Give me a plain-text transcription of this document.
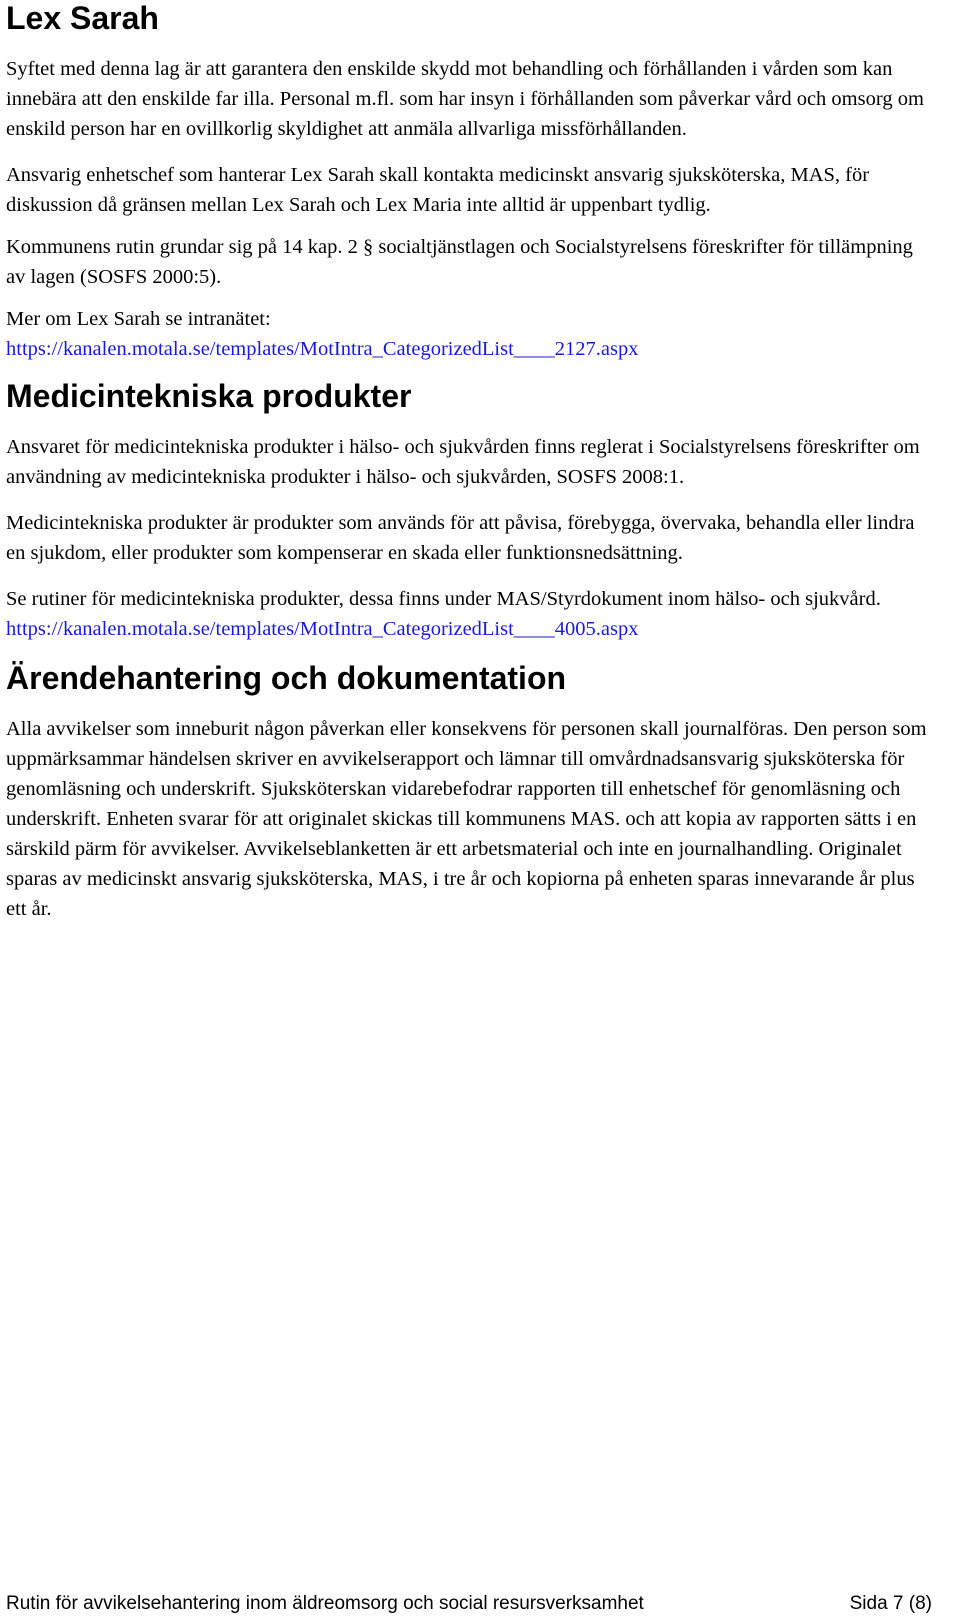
Lex Sarah

Syftet med denna lag är att garantera den enskilde skydd mot behandling och förhållanden i vården som kan innebära att den enskilde far illa. Personal m.fl. som har insyn i förhållanden som påverkar vård och omsorg om enskild person har en ovillkorlig skyldighet att anmäla allvarliga missförhållanden.

Ansvarig enhetschef som hanterar Lex Sarah skall kontakta medicinskt ansvarig sjuksköterska, MAS, för diskussion då gränsen mellan Lex Sarah och Lex Maria inte alltid är uppenbart tydlig.

Kommunens rutin grundar sig på 14 kap. 2 § socialtjänstlagen och Socialstyrelsens föreskrifter för tillämpning av lagen (SOSFS 2000:5).

Mer om Lex Sarah se intranätet:

https://kanalen.motala.se/templates/MotIntra_CategorizedList____2127.aspx

Medicintekniska produkter

Ansvaret för medicintekniska produkter i hälso- och sjukvården finns reglerat i Socialstyrelsens föreskrifter om användning av medicintekniska produkter i hälso- och sjukvården, SOSFS 2008:1.

Medicintekniska produkter är produkter som används för att påvisa, förebygga, övervaka, behandla eller lindra en sjukdom, eller produkter som kompenserar en skada eller funktionsnedsättning.

Se rutiner för medicintekniska produkter, dessa finns under MAS/Styrdokument inom hälso- och sjukvård.

https://kanalen.motala.se/templates/MotIntra_CategorizedList____4005.aspx

Ärendehantering och dokumentation

Alla avvikelser som inneburit någon påverkan eller konsekvens för personen skall journalföras. Den person som uppmärksammar händelsen skriver en avvikelserapport och lämnar till omvårdnadsansvarig sjuksköterska för genomläsning och underskrift. Sjuksköterskan vidarebefodrar rapporten till enhetschef för genomläsning och underskrift. Enheten svarar för att originalet skickas till kommunens MAS. och att kopia av rapporten sätts i en särskild pärm för avvikelser. Avvikelseblanketten är ett arbetsmaterial och inte en journalhandling. Originalet sparas av medicinskt ansvarig sjuksköterska, MAS, i tre år och kopiorna på enheten sparas innevarande år plus ett år.

Rutin för avvikelsehantering inom äldreomsorg och social resursverksamhet	Sida 7 (8)
